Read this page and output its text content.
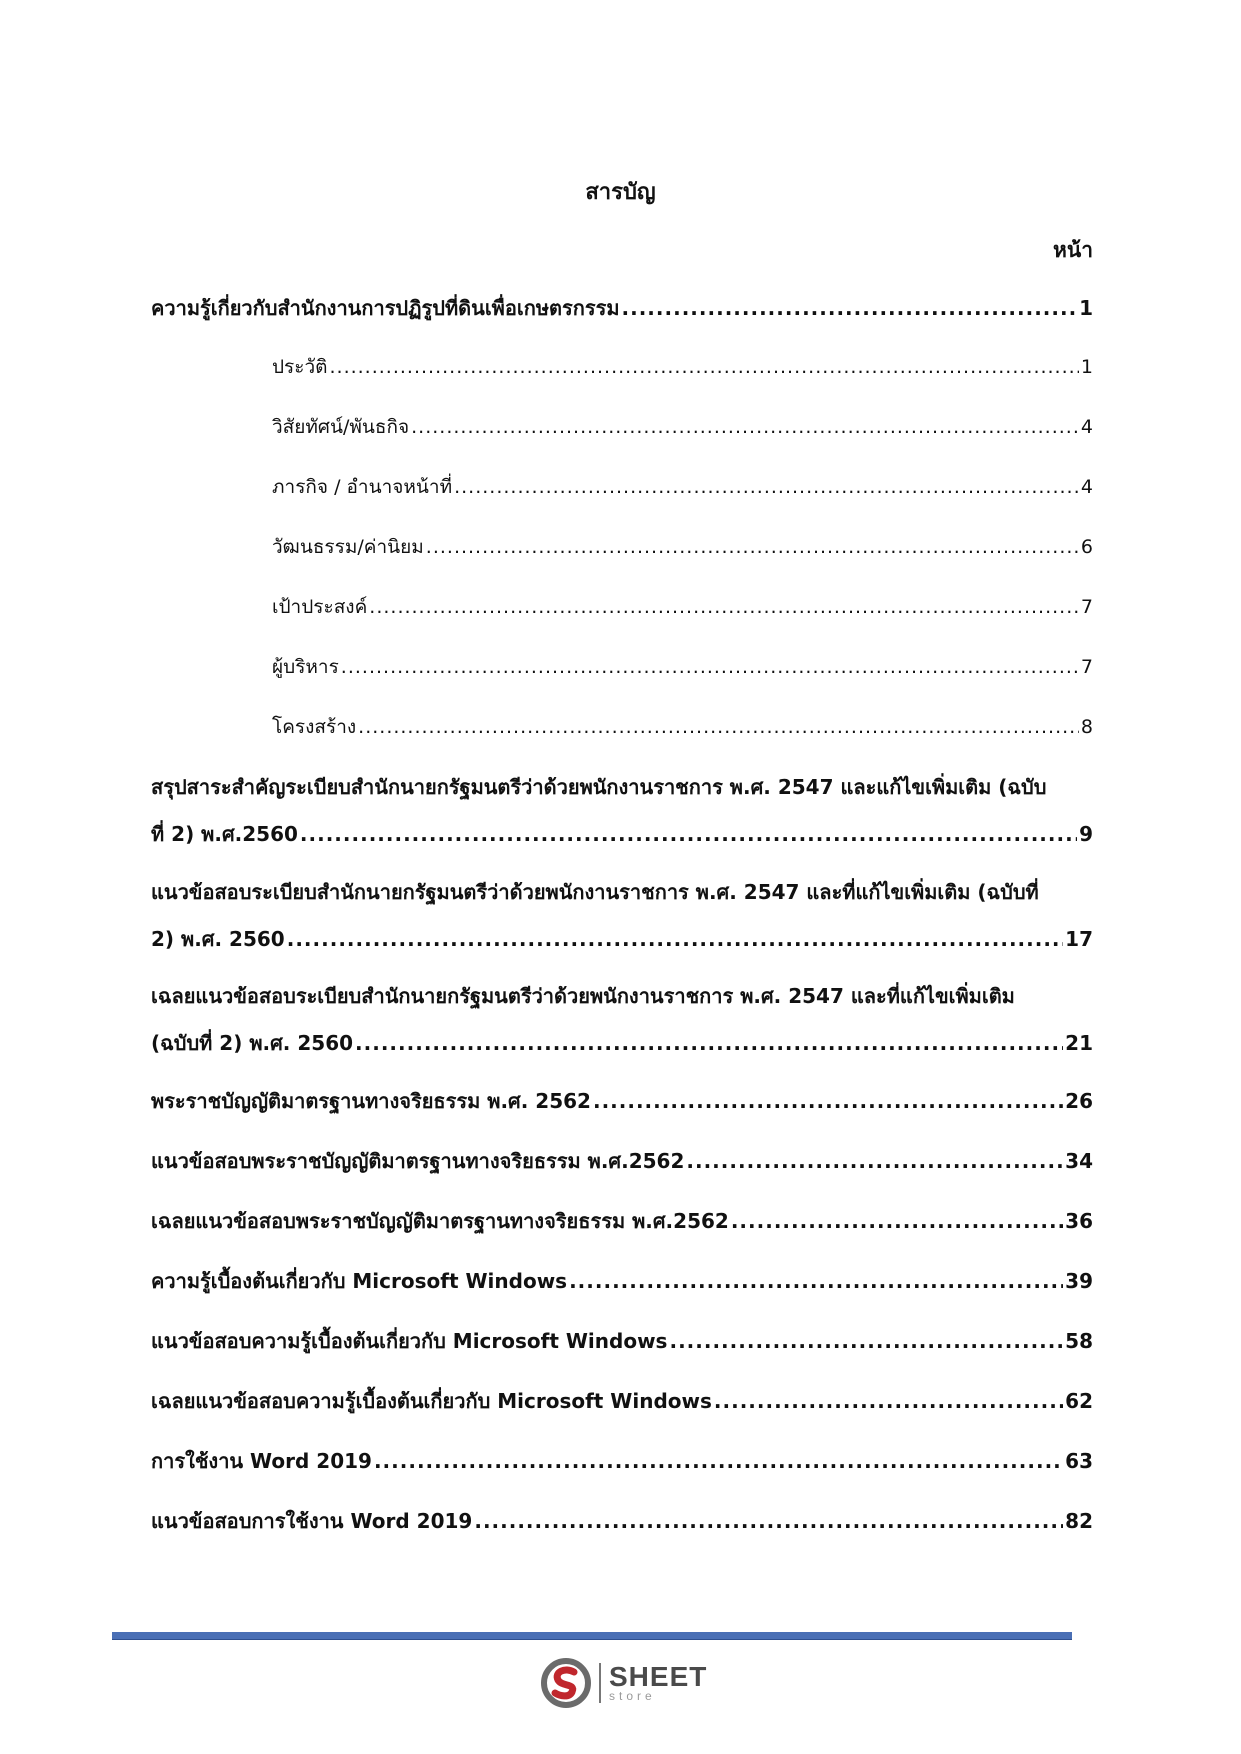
สารบัญ
หน้า
ความรู้เกี่ยวกับสำนักงานการปฏิรูปที่ดินเพื่อเกษตรกรรม .....	1
ประวัติ .....	1
วิสัยทัศน์/พันธกิจ .....	4
ภารกิจ / อำนาจหน้าที่ .....	4
วัฒนธรรม/ค่านิยม .....	6
เป้าประสงค์ .....	7
ผู้บริหาร .....	7
โครงสร้าง .....	8
สรุปสาระสำคัญระเบียบสำนักนายกรัฐมนตรีว่าด้วยพนักงานราชการ พ.ศ. 2547 และแก้ไขเพิ่มเติม (ฉบับ
ที่ 2) พ.ศ.2560 .....	9
แนวข้อสอบระเบียบสำนักนายกรัฐมนตรีว่าด้วยพนักงานราชการ พ.ศ. 2547 และที่แก้ไขเพิ่มเติม (ฉบับที่
2) พ.ศ. 2560 .....	17
เฉลยแนวข้อสอบระเบียบสำนักนายกรัฐมนตรีว่าด้วยพนักงานราชการ พ.ศ. 2547 และที่แก้ไขเพิ่มเติม
(ฉบับที่ 2) พ.ศ. 2560 .....	21
พระราชบัญญัติมาตรฐานทางจริยธรรม พ.ศ. 2562 .....	26
แนวข้อสอบพระราชบัญญัติมาตรฐานทางจริยธรรม พ.ศ.2562 .....	34
เฉลยแนวข้อสอบพระราชบัญญัติมาตรฐานทางจริยธรรม พ.ศ.2562 .....	36
ความรู้เบื้องต้นเกี่ยวกับ Microsoft Windows .....	39
แนวข้อสอบความรู้เบื้องต้นเกี่ยวกับ Microsoft Windows .....	58
เฉลยแนวข้อสอบความรู้เบื้องต้นเกี่ยวกับ Microsoft Windows .....	62
การใช้งาน Word 2019 .....	63
แนวข้อสอบการใช้งาน Word 2019 .....	82
SHEET
store
